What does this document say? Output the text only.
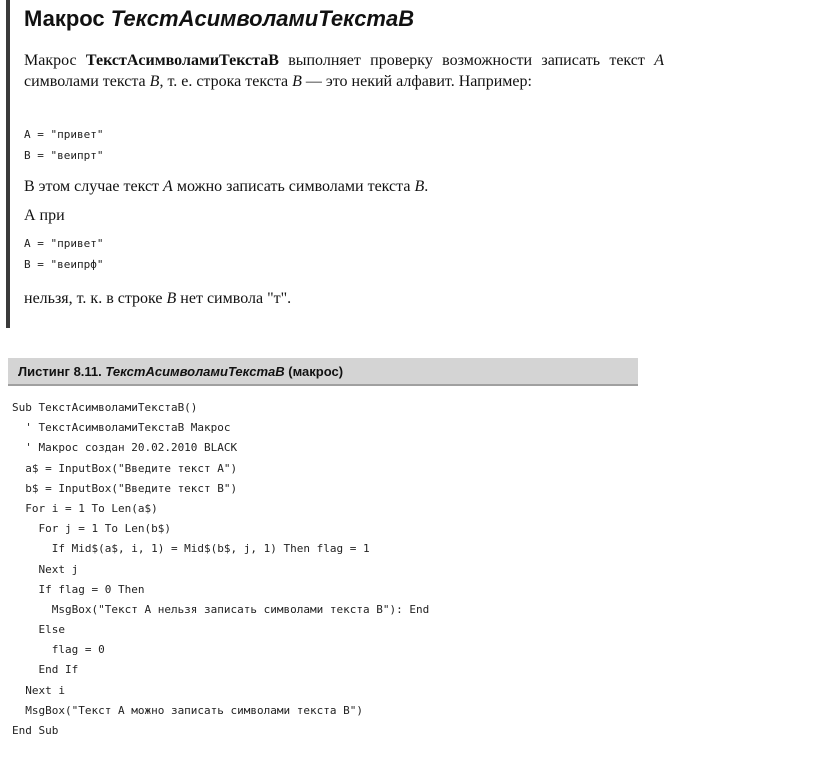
Макрос ТекстAсимволамиТекстаB
Макрос ТекстAсимволамиТекстаB выполняет проверку возможности записать текст A символами текста B, т. е. строка текста B — это некий алфавит. Например:
A = "привет"
B = "веипрт"
В этом случае текст A можно записать символами текста B.
А при
A = "привет"
B = "веипрф"
нельзя, т. к. в строке B нет символа "т".
Листинг 8.11. ТекстAсимволамиТекстаB (макрос)
Sub ТекстAсимволамиТекстаB()
' ТекстAсимволамиТекстаB Макрос
' Макрос создан 20.02.2010 BLACK
a$ = InputBox("Введите текст A")
b$ = InputBox("Введите текст B")
For i = 1 To Len(a$)
For j = 1 To Len(b$)
If Mid$(a$, i, 1) = Mid$(b$, j, 1) Then flag = 1
Next j
If flag = 0 Then
MsgBox("Текст A нельзя записать символами текста B"): End
Else
flag = 0
End If
Next i
MsgBox("Текст A можно записать символами текста B")
End Sub
